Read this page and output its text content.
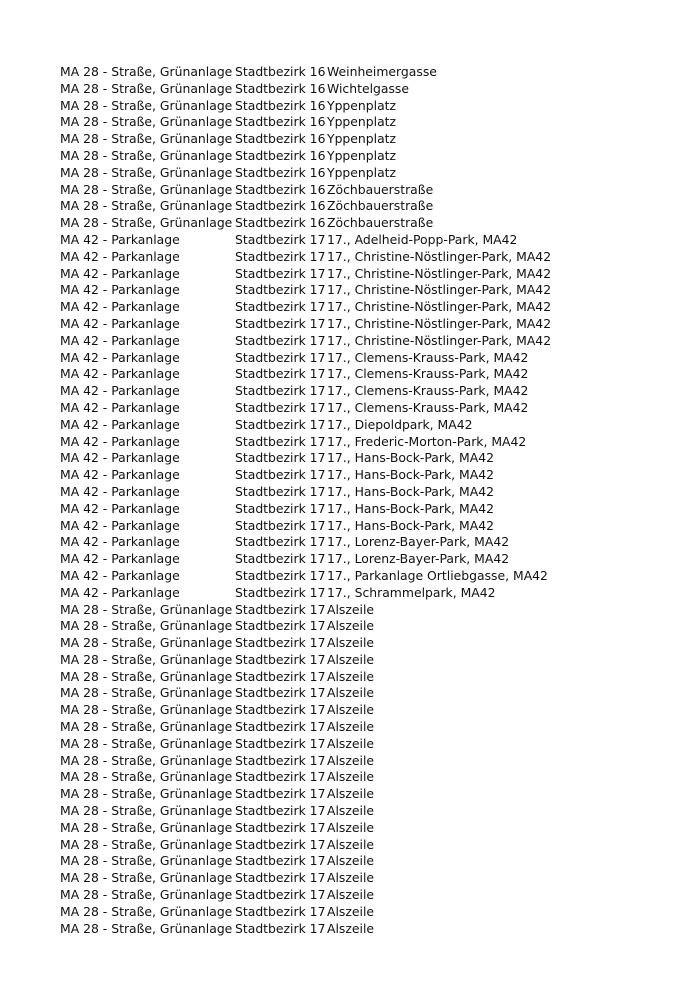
MA 28 - Straße, Grünanlage	Stadtbezirk 16	Weinheimergasse
MA 28 - Straße, Grünanlage	Stadtbezirk 16	Wichtelgasse
MA 28 - Straße, Grünanlage	Stadtbezirk 16	Yppenplatz
MA 28 - Straße, Grünanlage	Stadtbezirk 16	Yppenplatz
MA 28 - Straße, Grünanlage	Stadtbezirk 16	Yppenplatz
MA 28 - Straße, Grünanlage	Stadtbezirk 16	Yppenplatz
MA 28 - Straße, Grünanlage	Stadtbezirk 16	Yppenplatz
MA 28 - Straße, Grünanlage	Stadtbezirk 16	Zöchbauerstraße
MA 28 - Straße, Grünanlage	Stadtbezirk 16	Zöchbauerstraße
MA 28 - Straße, Grünanlage	Stadtbezirk 16	Zöchbauerstraße
MA 42 - Parkanlage	Stadtbezirk 17	17., Adelheid-Popp-Park, MA42
MA 42 - Parkanlage	Stadtbezirk 17	17., Christine-Nöstlinger-Park, MA42
MA 42 - Parkanlage	Stadtbezirk 17	17., Christine-Nöstlinger-Park, MA42
MA 42 - Parkanlage	Stadtbezirk 17	17., Christine-Nöstlinger-Park, MA42
MA 42 - Parkanlage	Stadtbezirk 17	17., Christine-Nöstlinger-Park, MA42
MA 42 - Parkanlage	Stadtbezirk 17	17., Christine-Nöstlinger-Park, MA42
MA 42 - Parkanlage	Stadtbezirk 17	17., Christine-Nöstlinger-Park, MA42
MA 42 - Parkanlage	Stadtbezirk 17	17., Clemens-Krauss-Park, MA42
MA 42 - Parkanlage	Stadtbezirk 17	17., Clemens-Krauss-Park, MA42
MA 42 - Parkanlage	Stadtbezirk 17	17., Clemens-Krauss-Park, MA42
MA 42 - Parkanlage	Stadtbezirk 17	17., Clemens-Krauss-Park, MA42
MA 42 - Parkanlage	Stadtbezirk 17	17., Diepoldpark, MA42
MA 42 - Parkanlage	Stadtbezirk 17	17., Frederic-Morton-Park, MA42
MA 42 - Parkanlage	Stadtbezirk 17	17., Hans-Bock-Park, MA42
MA 42 - Parkanlage	Stadtbezirk 17	17., Hans-Bock-Park, MA42
MA 42 - Parkanlage	Stadtbezirk 17	17., Hans-Bock-Park, MA42
MA 42 - Parkanlage	Stadtbezirk 17	17., Hans-Bock-Park, MA42
MA 42 - Parkanlage	Stadtbezirk 17	17., Hans-Bock-Park, MA42
MA 42 - Parkanlage	Stadtbezirk 17	17., Lorenz-Bayer-Park, MA42
MA 42 - Parkanlage	Stadtbezirk 17	17., Lorenz-Bayer-Park, MA42
MA 42 - Parkanlage	Stadtbezirk 17	17., Parkanlage Ortliebgasse, MA42
MA 42 - Parkanlage	Stadtbezirk 17	17., Schrammelpark, MA42
MA 28 - Straße, Grünanlage	Stadtbezirk 17	Alszeile
MA 28 - Straße, Grünanlage	Stadtbezirk 17	Alszeile
MA 28 - Straße, Grünanlage	Stadtbezirk 17	Alszeile
MA 28 - Straße, Grünanlage	Stadtbezirk 17	Alszeile
MA 28 - Straße, Grünanlage	Stadtbezirk 17	Alszeile
MA 28 - Straße, Grünanlage	Stadtbezirk 17	Alszeile
MA 28 - Straße, Grünanlage	Stadtbezirk 17	Alszeile
MA 28 - Straße, Grünanlage	Stadtbezirk 17	Alszeile
MA 28 - Straße, Grünanlage	Stadtbezirk 17	Alszeile
MA 28 - Straße, Grünanlage	Stadtbezirk 17	Alszeile
MA 28 - Straße, Grünanlage	Stadtbezirk 17	Alszeile
MA 28 - Straße, Grünanlage	Stadtbezirk 17	Alszeile
MA 28 - Straße, Grünanlage	Stadtbezirk 17	Alszeile
MA 28 - Straße, Grünanlage	Stadtbezirk 17	Alszeile
MA 28 - Straße, Grünanlage	Stadtbezirk 17	Alszeile
MA 28 - Straße, Grünanlage	Stadtbezirk 17	Alszeile
MA 28 - Straße, Grünanlage	Stadtbezirk 17	Alszeile
MA 28 - Straße, Grünanlage	Stadtbezirk 17	Alszeile
MA 28 - Straße, Grünanlage	Stadtbezirk 17	Alszeile
MA 28 - Straße, Grünanlage	Stadtbezirk 17	Alszeile
